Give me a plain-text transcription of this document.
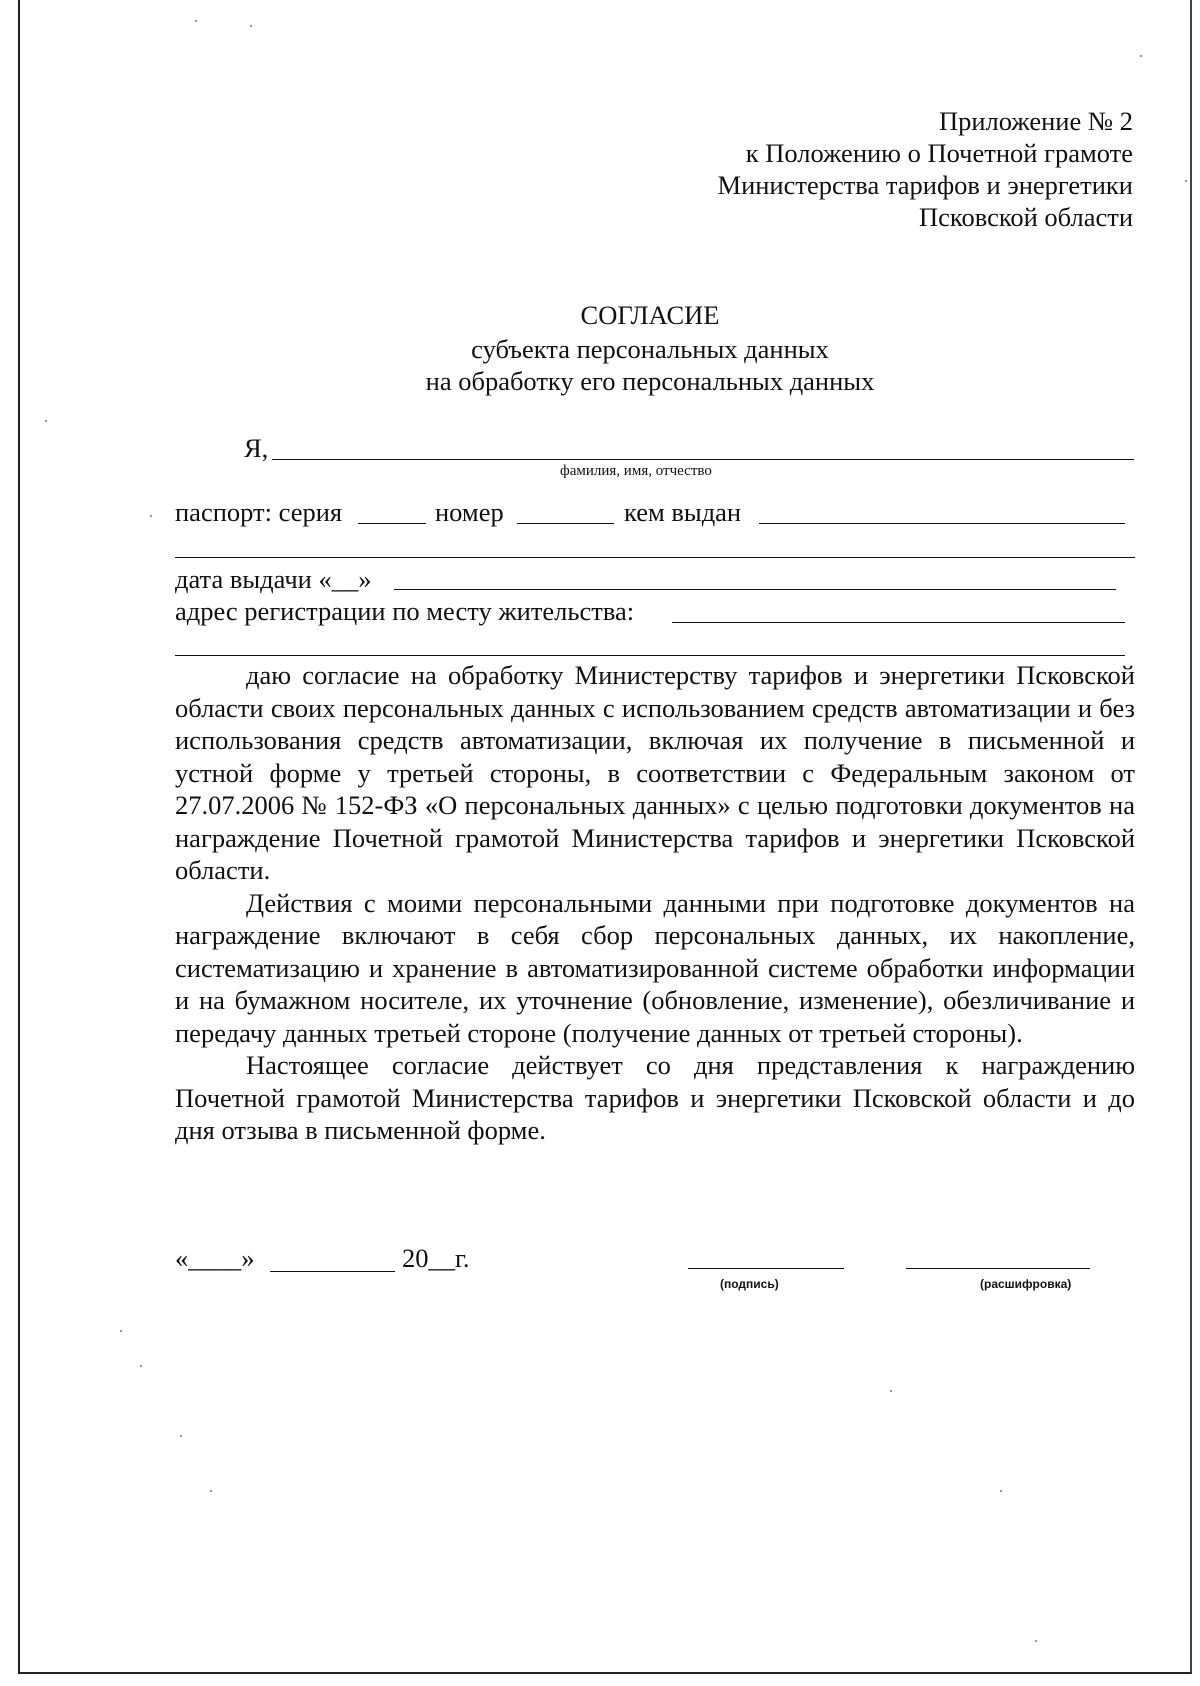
Приложение № 2
к Положению о Почетной грамоте
Министерства тарифов и энергетики
Псковской области
СОГЛАСИЕ
субъекта персональных данных
на обработку его персональных данных
Я,
фамилия, имя, отчество
паспорт: серия	номер	кем выдан
дата выдачи «__»
адрес регистрации по месту жительства:

даю согласие на обработку Министерству тарифов и энергетики Псковской области своих персональных данных с использованием средств автоматизации и без использования средств автоматизации, включая их получение в письменной и устной форме у третьей стороны, в соответствии с Федеральным законом от 27.07.2006 № 152-ФЗ «О персональных данных» с целью подготовки документов на награждение Почетной грамотой Министерства тарифов и энергетики Псковской области.

Действия с моими персональными данными при подготовке документов на награждение включают в себя сбор персональных данных, их накопление, систематизацию и хранение в автоматизированной системе обработки информации и на бумажном носителе, их уточнение (обновление, изменение), обезличивание и передачу данных третьей стороне (получение данных от третьей стороны).

Настоящее согласие действует со дня представления к награждению Почетной грамотой Министерства тарифов и энергетики Псковской области и до дня отзыва в письменной форме.

«____»	20__г.
(подпись)	(расшифровка)
